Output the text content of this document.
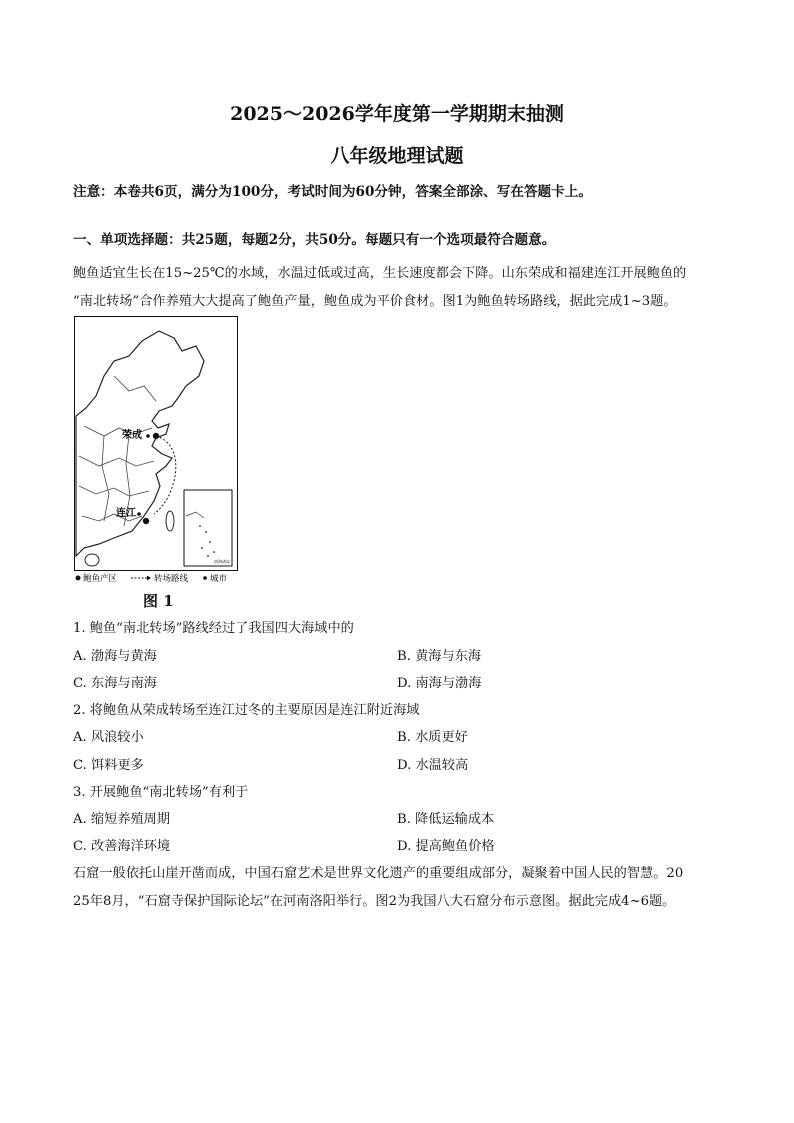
2025～2026学年度第一学期期末抽测
八年级地理试题
注意：本卷共6页，满分为100分，考试时间为60分钟，答案全部涂、写在答题卡上。
一、单项选择题：共25题，每题2分，共50分。每题只有一个选项最符合题意。
鲍鱼适宜生长在15~25℃的水域，水温过低或过高，生长速度都会下降。山东荣成和福建连江开展鲍鱼的
“南北转场”合作养殖大大提高了鲍鱼产量，鲍鱼成为平价食材。图1为鲍鱼转场路线，据此完成1~3题。
荣成
连江
南海诸岛
鲍鱼产区	转场路线	城市
图 1
1. 鲍鱼“南北转场”路线经过了我国四大海域中的
A. 渤海与黄海	B. 黄海与东海
C. 东海与南海	D. 南海与渤海
2. 将鲍鱼从荣成转场至连江过冬的主要原因是连江附近海域
A. 风浪较小	B. 水质更好
C. 饵料更多	D. 水温较高
3. 开展鲍鱼“南北转场”有利于
A. 缩短养殖周期	B. 降低运输成本
C. 改善海洋环境	D. 提高鲍鱼价格
石窟一般依托山崖开凿而成，中国石窟艺术是世界文化遗产的重要组成部分，凝聚着中国人民的智慧。20
25年8月，“石窟寺保护国际论坛”在河南洛阳举行。图2为我国八大石窟分布示意图。据此完成4~6题。
